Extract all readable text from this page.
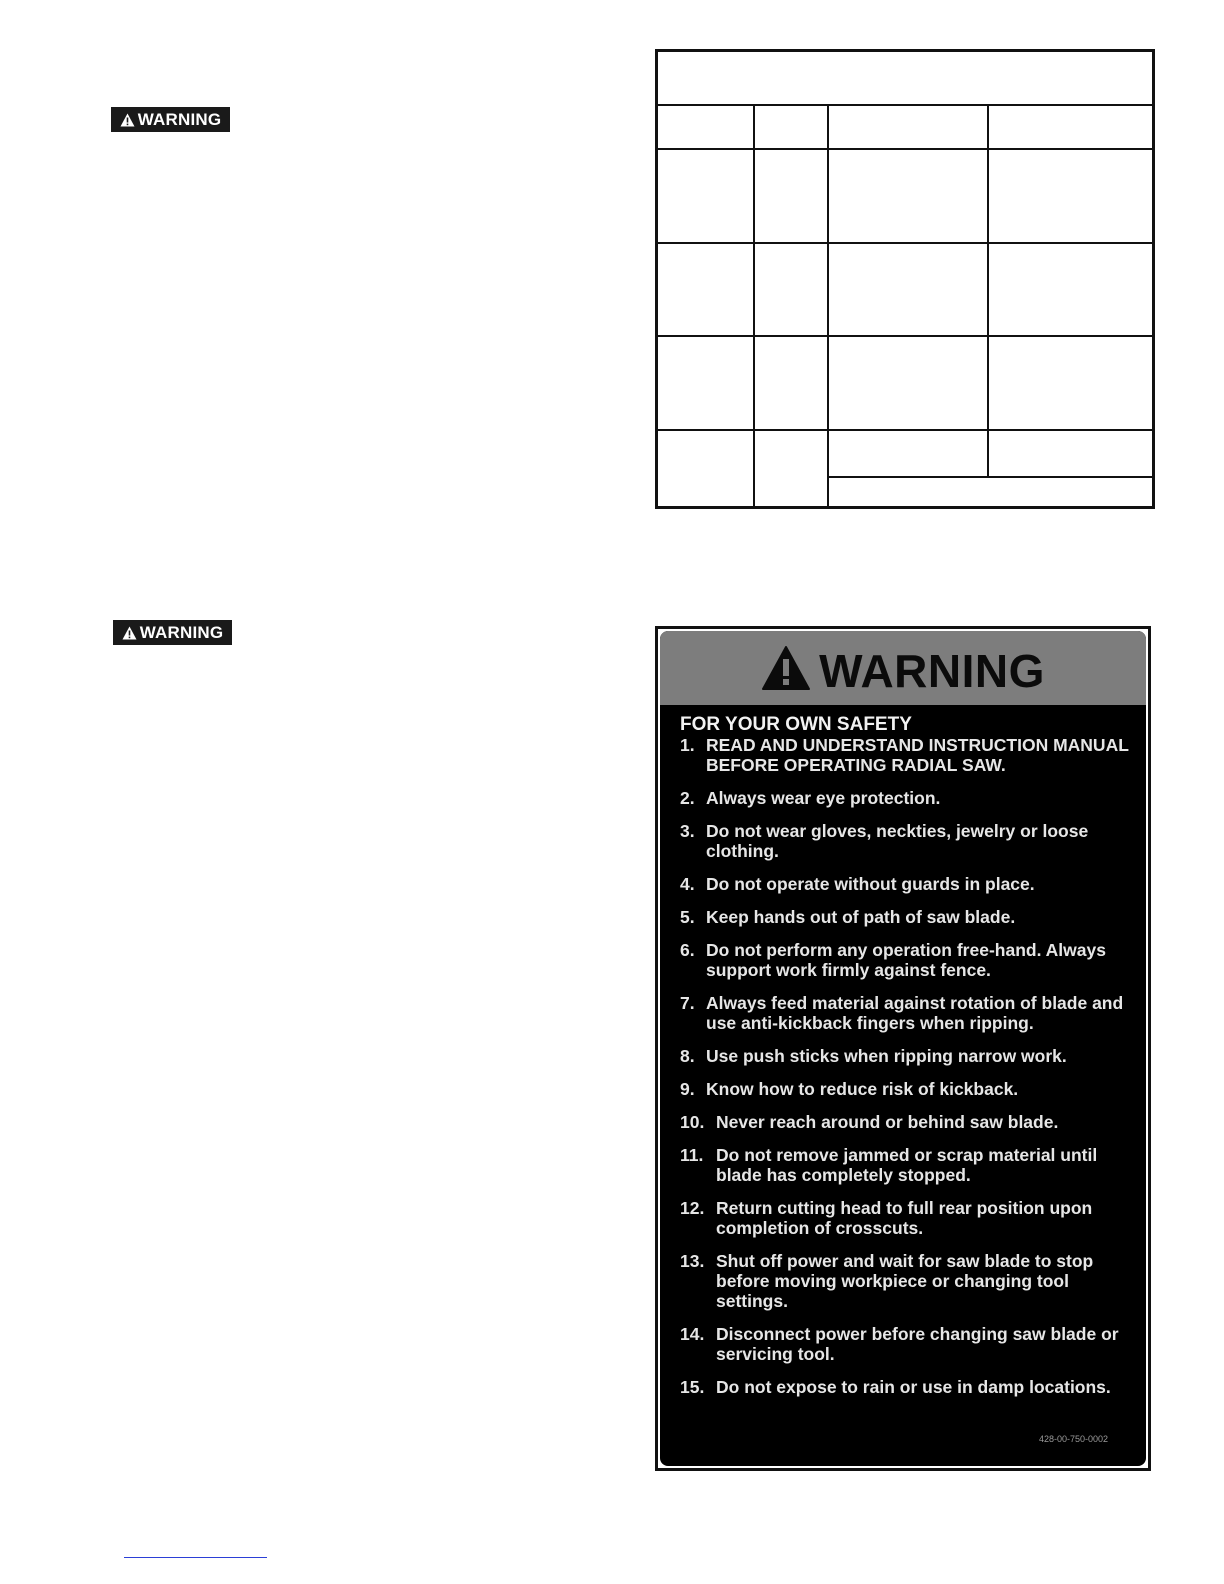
WARNING
WARNING
WARNING
FOR YOUR OWN SAFETY
1. READ AND UNDERSTAND INSTRUCTION MANUAL BEFORE OPERATING RADIAL SAW.
2. Always wear eye protection.
3. Do not wear gloves, neckties, jewelry or loose clothing.
4. Do not operate without guards in place.
5. Keep hands out of path of saw blade.
6. Do not perform any operation free-hand. Always support work firmly against fence.
7. Always feed material against rotation of blade and use anti-kickback fingers when ripping.
8. Use push sticks when ripping narrow work.
9. Know how to reduce risk of kickback.
10. Never reach around or behind saw blade.
11. Do not remove jammed or scrap material until blade has completely stopped.
12. Return cutting head to full rear position upon completion of crosscuts.
13. Shut off power and wait for saw blade to stop before moving workpiece or changing tool settings.
14. Disconnect power before changing saw blade or servicing tool.
15. Do not expose to rain or use in damp locations.
428-00-750-0002
